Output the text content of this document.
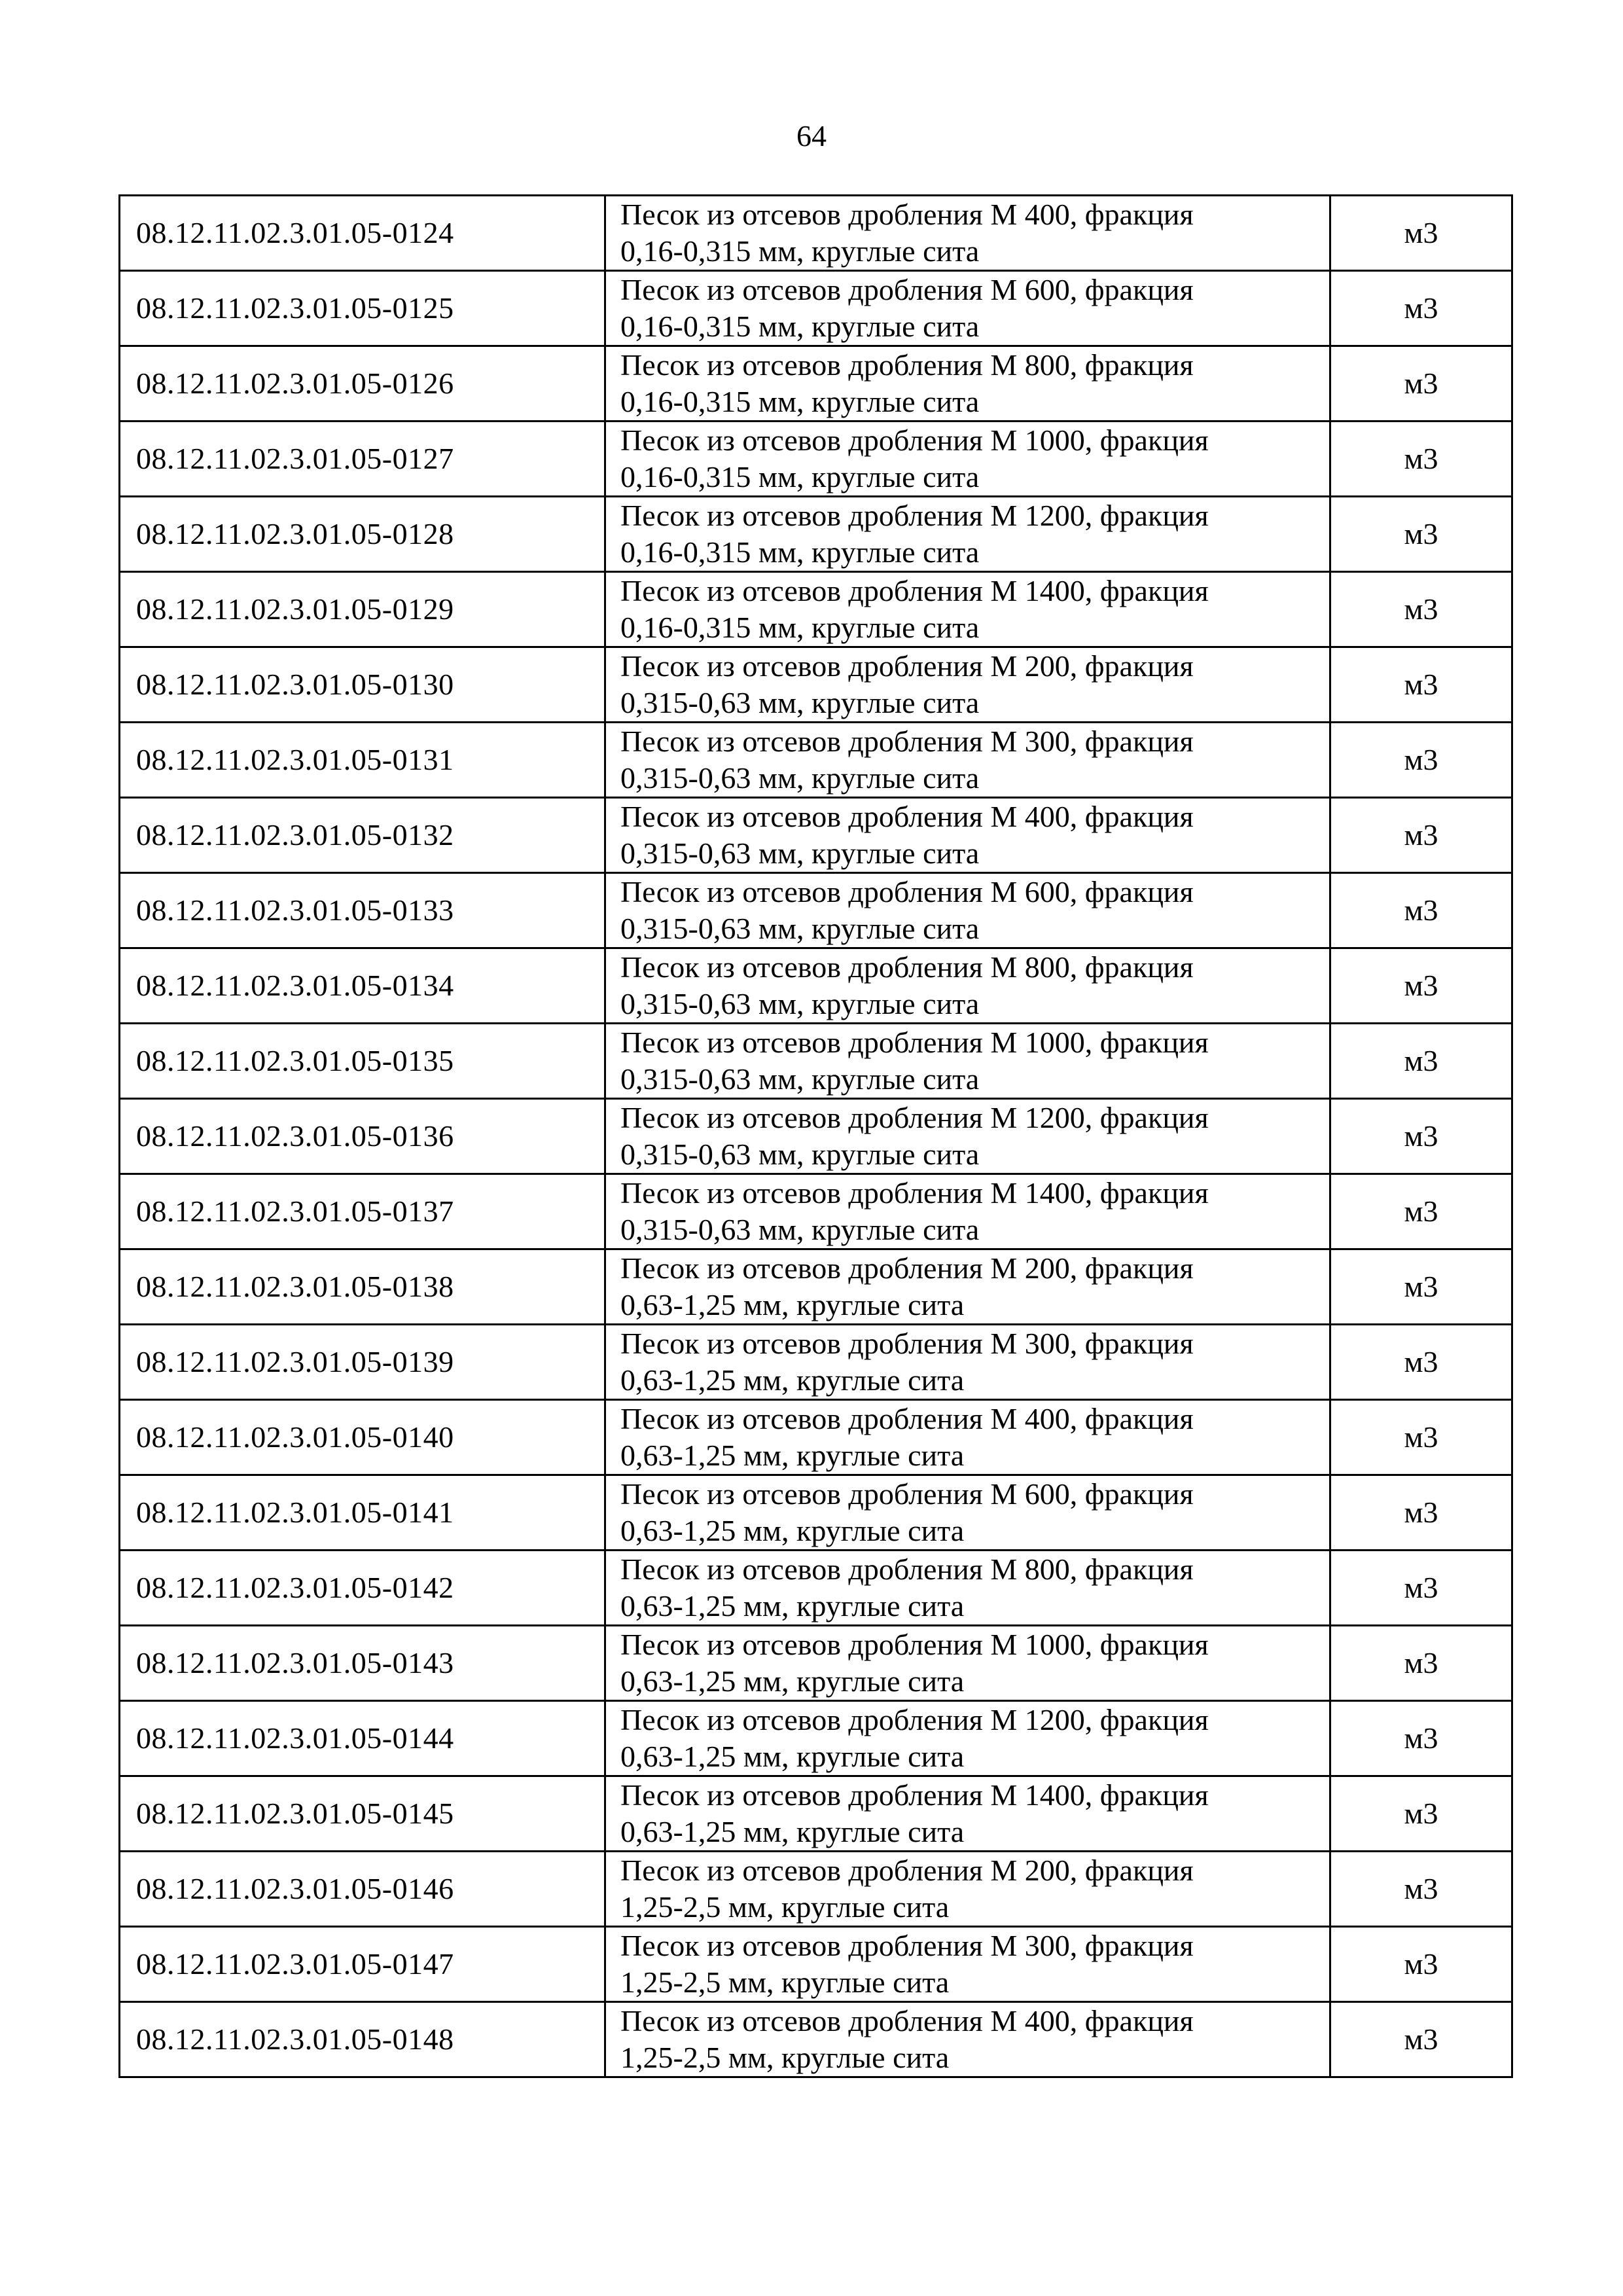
64
08.12.11.02.3.01.05-0124	Песок из отсевов дробления М 400, фракция
0,16-0,315 мм, круглые сита	м3
08.12.11.02.3.01.05-0125	Песок из отсевов дробления М 600, фракция
0,16-0,315 мм, круглые сита	м3
08.12.11.02.3.01.05-0126	Песок из отсевов дробления М 800, фракция
0,16-0,315 мм, круглые сита	м3
08.12.11.02.3.01.05-0127	Песок из отсевов дробления М 1000, фракция
0,16-0,315 мм, круглые сита	м3
08.12.11.02.3.01.05-0128	Песок из отсевов дробления М 1200, фракция
0,16-0,315 мм, круглые сита	м3
08.12.11.02.3.01.05-0129	Песок из отсевов дробления М 1400, фракция
0,16-0,315 мм, круглые сита	м3
08.12.11.02.3.01.05-0130	Песок из отсевов дробления М 200, фракция
0,315-0,63 мм, круглые сита	м3
08.12.11.02.3.01.05-0131	Песок из отсевов дробления М 300, фракция
0,315-0,63 мм, круглые сита	м3
08.12.11.02.3.01.05-0132	Песок из отсевов дробления М 400, фракция
0,315-0,63 мм, круглые сита	м3
08.12.11.02.3.01.05-0133	Песок из отсевов дробления М 600, фракция
0,315-0,63 мм, круглые сита	м3
08.12.11.02.3.01.05-0134	Песок из отсевов дробления М 800, фракция
0,315-0,63 мм, круглые сита	м3
08.12.11.02.3.01.05-0135	Песок из отсевов дробления М 1000, фракция
0,315-0,63 мм, круглые сита	м3
08.12.11.02.3.01.05-0136	Песок из отсевов дробления М 1200, фракция
0,315-0,63 мм, круглые сита	м3
08.12.11.02.3.01.05-0137	Песок из отсевов дробления М 1400, фракция
0,315-0,63 мм, круглые сита	м3
08.12.11.02.3.01.05-0138	Песок из отсевов дробления М 200, фракция
0,63-1,25 мм, круглые сита	м3
08.12.11.02.3.01.05-0139	Песок из отсевов дробления М 300, фракция
0,63-1,25 мм, круглые сита	м3
08.12.11.02.3.01.05-0140	Песок из отсевов дробления М 400, фракция
0,63-1,25 мм, круглые сита	м3
08.12.11.02.3.01.05-0141	Песок из отсевов дробления М 600, фракция
0,63-1,25 мм, круглые сита	м3
08.12.11.02.3.01.05-0142	Песок из отсевов дробления М 800, фракция
0,63-1,25 мм, круглые сита	м3
08.12.11.02.3.01.05-0143	Песок из отсевов дробления М 1000, фракция
0,63-1,25 мм, круглые сита	м3
08.12.11.02.3.01.05-0144	Песок из отсевов дробления М 1200, фракция
0,63-1,25 мм, круглые сита	м3
08.12.11.02.3.01.05-0145	Песок из отсевов дробления М 1400, фракция
0,63-1,25 мм, круглые сита	м3
08.12.11.02.3.01.05-0146	Песок из отсевов дробления М 200, фракция
1,25-2,5 мм, круглые сита	м3
08.12.11.02.3.01.05-0147	Песок из отсевов дробления М 300, фракция
1,25-2,5 мм, круглые сита	м3
08.12.11.02.3.01.05-0148	Песок из отсевов дробления М 400, фракция
1,25-2,5 мм, круглые сита	м3
